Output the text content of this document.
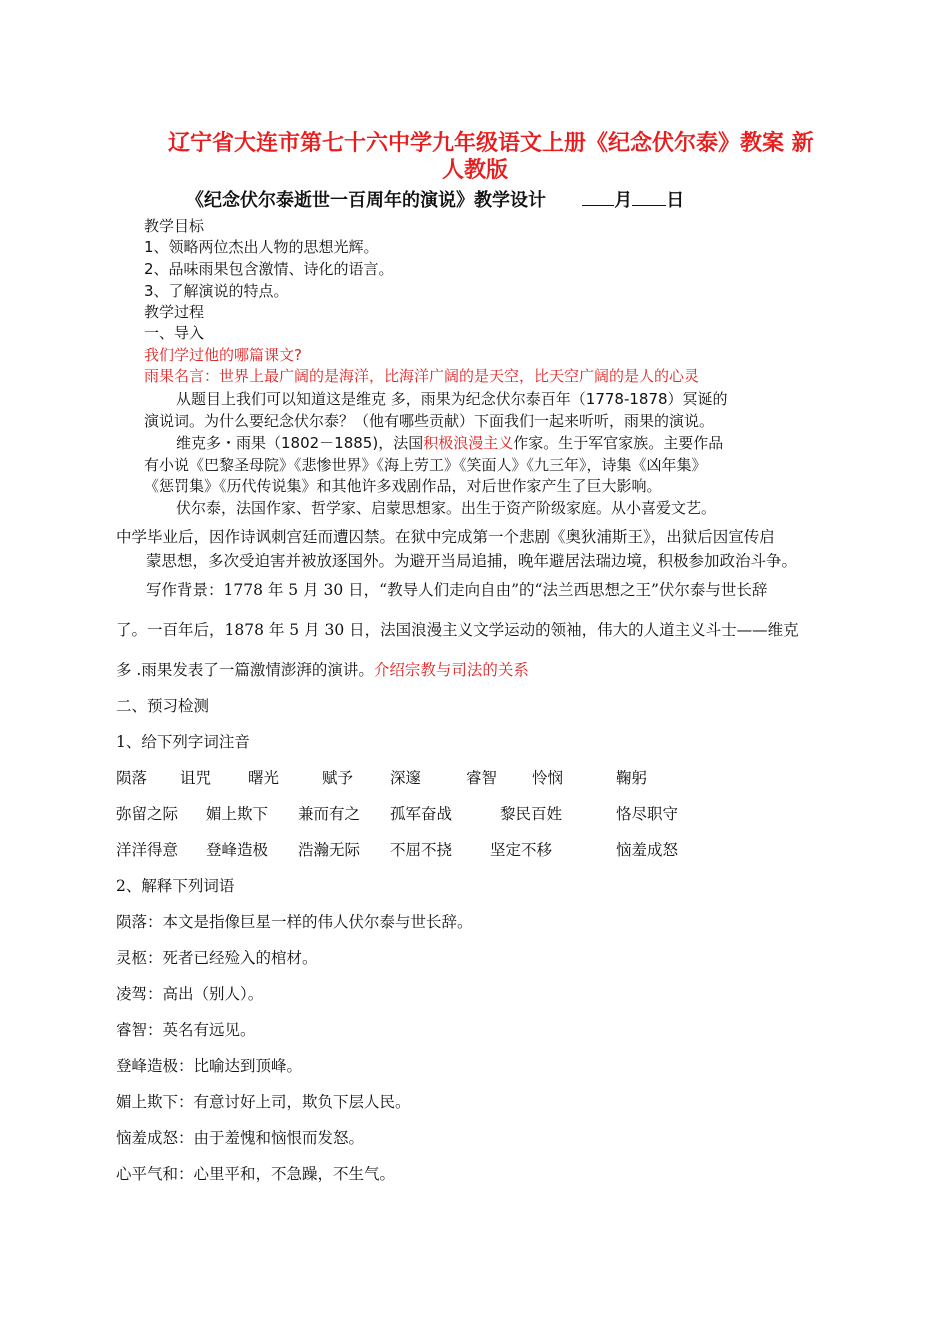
辽宁省大连市第七十六中学九年级语文上册《纪念伏尔泰》教案 新
人教版
《纪念伏尔泰逝世一百周年的演说》教学设计	月 日
教学目标
1、领略两位杰出人物的思想光辉。
2、品味雨果包含激情、诗化的语言。
3、了解演说的特点。
教学过程
一、导入
我们学过他的哪篇课文?
雨果名言：世界上最广阔的是海洋，比海洋广阔的是天空，比天空广阔的是人的心灵
从题目上我们可以知道这是维克 多，雨果为纪念伏尔泰百年（1778-1878）冥诞的
演说词。为什么要纪念伏尔泰？（他有哪些贡献）下面我们一起来听听，雨果的演说。
维克多・雨果（1802－1885)，法国积极浪漫主义作家。生于军官家族。主要作品
有小说《巴黎圣母院》《悲惨世界》《海上劳工》《笑面人》《九三年》，诗集《凶年集》
《惩罚集》《历代传说集》和其他许多戏剧作品，对后世作家产生了巨大影响。
伏尔泰，法国作家、哲学家、启蒙思想家。出生于资产阶级家庭。从小喜爱文艺。
中学毕业后，因作诗讽刺宫廷而遭囚禁。在狱中完成第一个悲剧《奥狄浦斯王》，出狱后因宣传启
蒙思想，多次受迫害并被放逐国外。为避开当局追捕，晚年避居法瑞边境，积极参加政治斗争。
写作背景：1778 年 5 月 30 日，“教导人们走向自由”的“法兰西思想之王”伏尔泰与世长辞
了。一百年后，1878 年 5 月 30 日，法国浪漫主义文学运动的领袖，伟大的人道主义斗士——维克
多 .雨果发表了一篇激情澎湃的演讲。介绍宗教与司法的关系
二、预习检测
1、给下列字词注音
陨落 诅咒 曙光	赋予 深邃	睿智 怜悯	鞠躬
弥留之际 媚上欺下 兼而有之 孤军奋战	黎民百姓	恪尽职守
洋洋得意 登峰造极 浩瀚无际 不屈不挠 坚定不移	恼羞成怒
2、解释下列词语
陨落：本文是指像巨星一样的伟人伏尔泰与世长辞。
灵柩：死者已经殓入的棺材。
凌驾：高出（别人）。
睿智：英名有远见。
登峰造极：比喻达到顶峰。
媚上欺下：有意讨好上司，欺负下层人民。
恼羞成怒：由于羞愧和恼恨而发怒。
心平气和：心里平和，不急躁，不生气。
